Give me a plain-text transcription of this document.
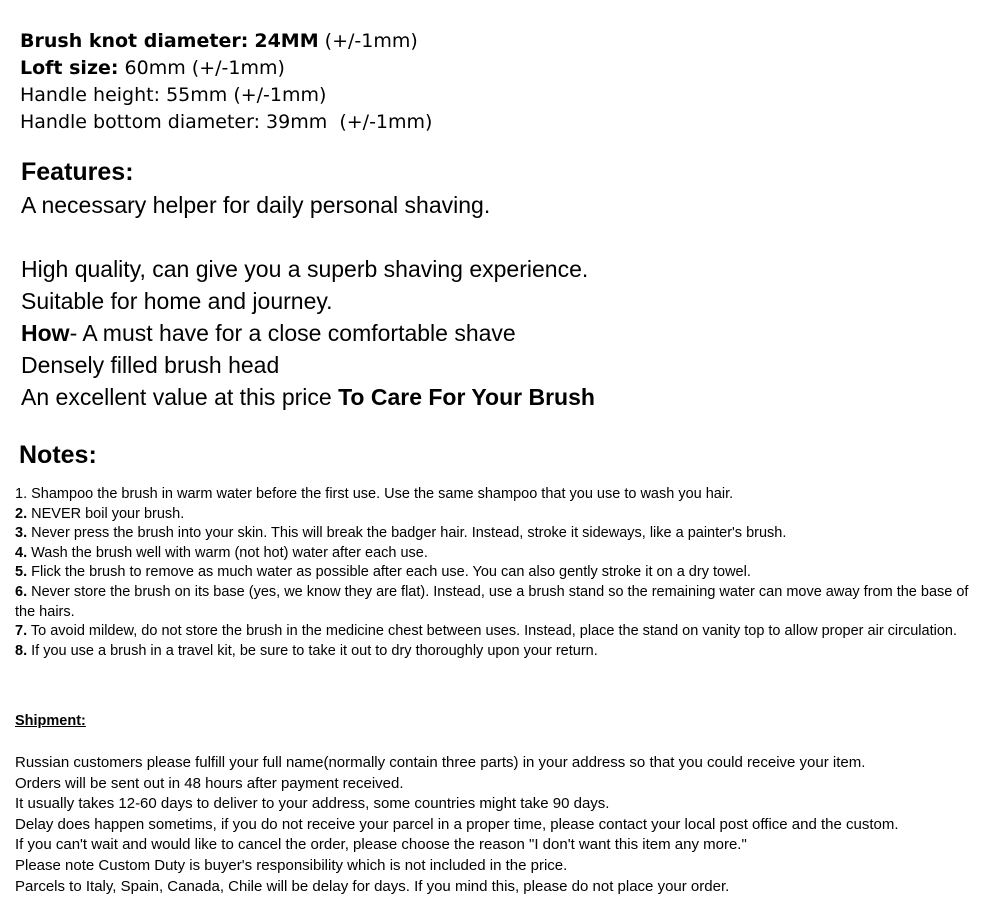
Brush knot diameter: 24MM (+/-1mm)
Loft size: 60mm (+/-1mm)
Handle height: 55mm (+/-1mm)
Handle bottom diameter: 39mm (+/-1mm)
Features:
A necessary helper for daily personal shaving.
High quality, can give you a superb shaving experience.
Suitable for home and journey.
How- A must have for a close comfortable shave
Densely filled brush head
An excellent value at this price To Care For Your Brush
Notes:
1. Shampoo the brush in warm water before the first use. Use the same shampoo that you use to wash you hair.
2. NEVER boil your brush.
3. Never press the brush into your skin. This will break the badger hair. Instead, stroke it sideways, like a painter's brush.
4. Wash the brush well with warm (not hot) water after each use.
5. Flick the brush to remove as much water as possible after each use. You can also gently stroke it on a dry towel.
6. Never store the brush on its base (yes, we know they are flat). Instead, use a brush stand so the remaining water can move away from the base of the hairs.
7. To avoid mildew, do not store the brush in the medicine chest between uses. Instead, place the stand on vanity top to allow proper air circulation.
8. If you use a brush in a travel kit, be sure to take it out to dry thoroughly upon your return.
Shipment:
Russian customers please fulfill your full name(normally contain three parts) in your address so that you could receive your item.
Orders will be sent out in 48 hours after payment received.
It usually takes 12-60 days to deliver to your address, some countries might take 90 days.
Delay does happen sometims, if you do not receive your parcel in a proper time, please contact your local post office and the custom.
If you can't wait and would like to cancel the order, please choose the reason "I don't want this item any more."
Please note Custom Duty is buyer's responsibility which is not included in the price.
Parcels to Italy, Spain, Canada, Chile will be delay for days. If you mind this, please do not place your order.
